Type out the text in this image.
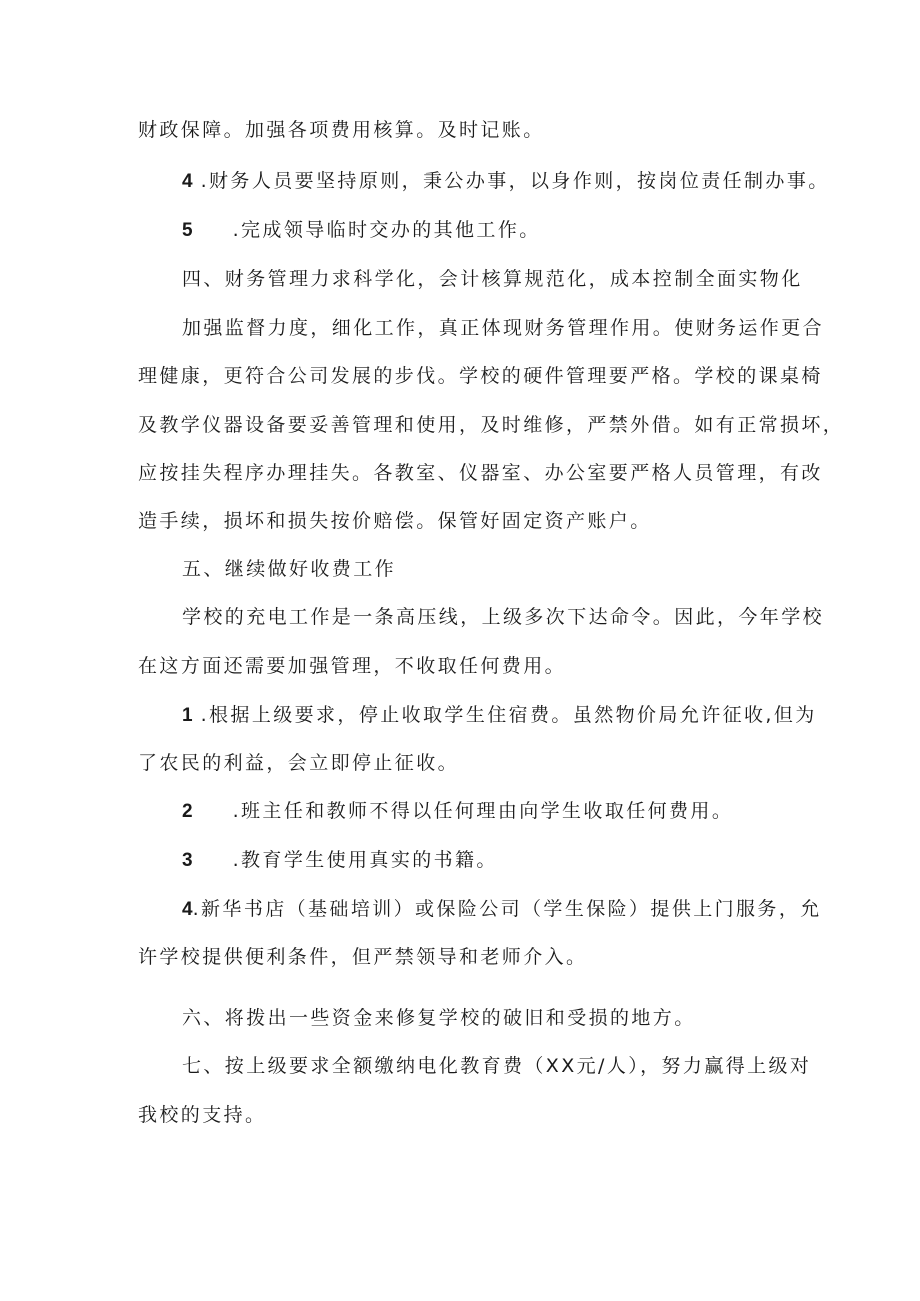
财政保障。加强各项费用核算。及时记账。
4 .财务人员要坚持原则，秉公办事，以身作则，按岗位责任制办事。
5 .完成领导临时交办的其他工作。
四、财务管理力求科学化，会计核算规范化，成本控制全面实物化
加强监督力度，细化工作，真正体现财务管理作用。使财务运作更合
理健康，更符合公司发展的步伐。学校的硬件管理要严格。学校的课桌椅
及教学仪器设备要妥善管理和使用，及时维修，严禁外借。如有正常损坏，
应按挂失程序办理挂失。各教室、仪器室、办公室要严格人员管理，有改
造手续，损坏和损失按价赔偿。保管好固定资产账户。
五、继续做好收费工作
学校的充电工作是一条高压线，上级多次下达命令。因此，今年学校
在这方面还需要加强管理，不收取任何费用。
1 .根据上级要求，停止收取学生住宿费。虽然物价局允许征收,但为
了农民的利益，会立即停止征收。
2 .班主任和教师不得以任何理由向学生收取任何费用。
3 .教育学生使用真实的书籍。
4.新华书店（基础培训）或保险公司（学生保险）提供上门服务，允
许学校提供便利条件，但严禁领导和老师介入。
六、将拨出一些资金来修复学校的破旧和受损的地方。
七、按上级要求全额缴纳电化教育费（XX元/人），努力赢得上级对
我校的支持。
